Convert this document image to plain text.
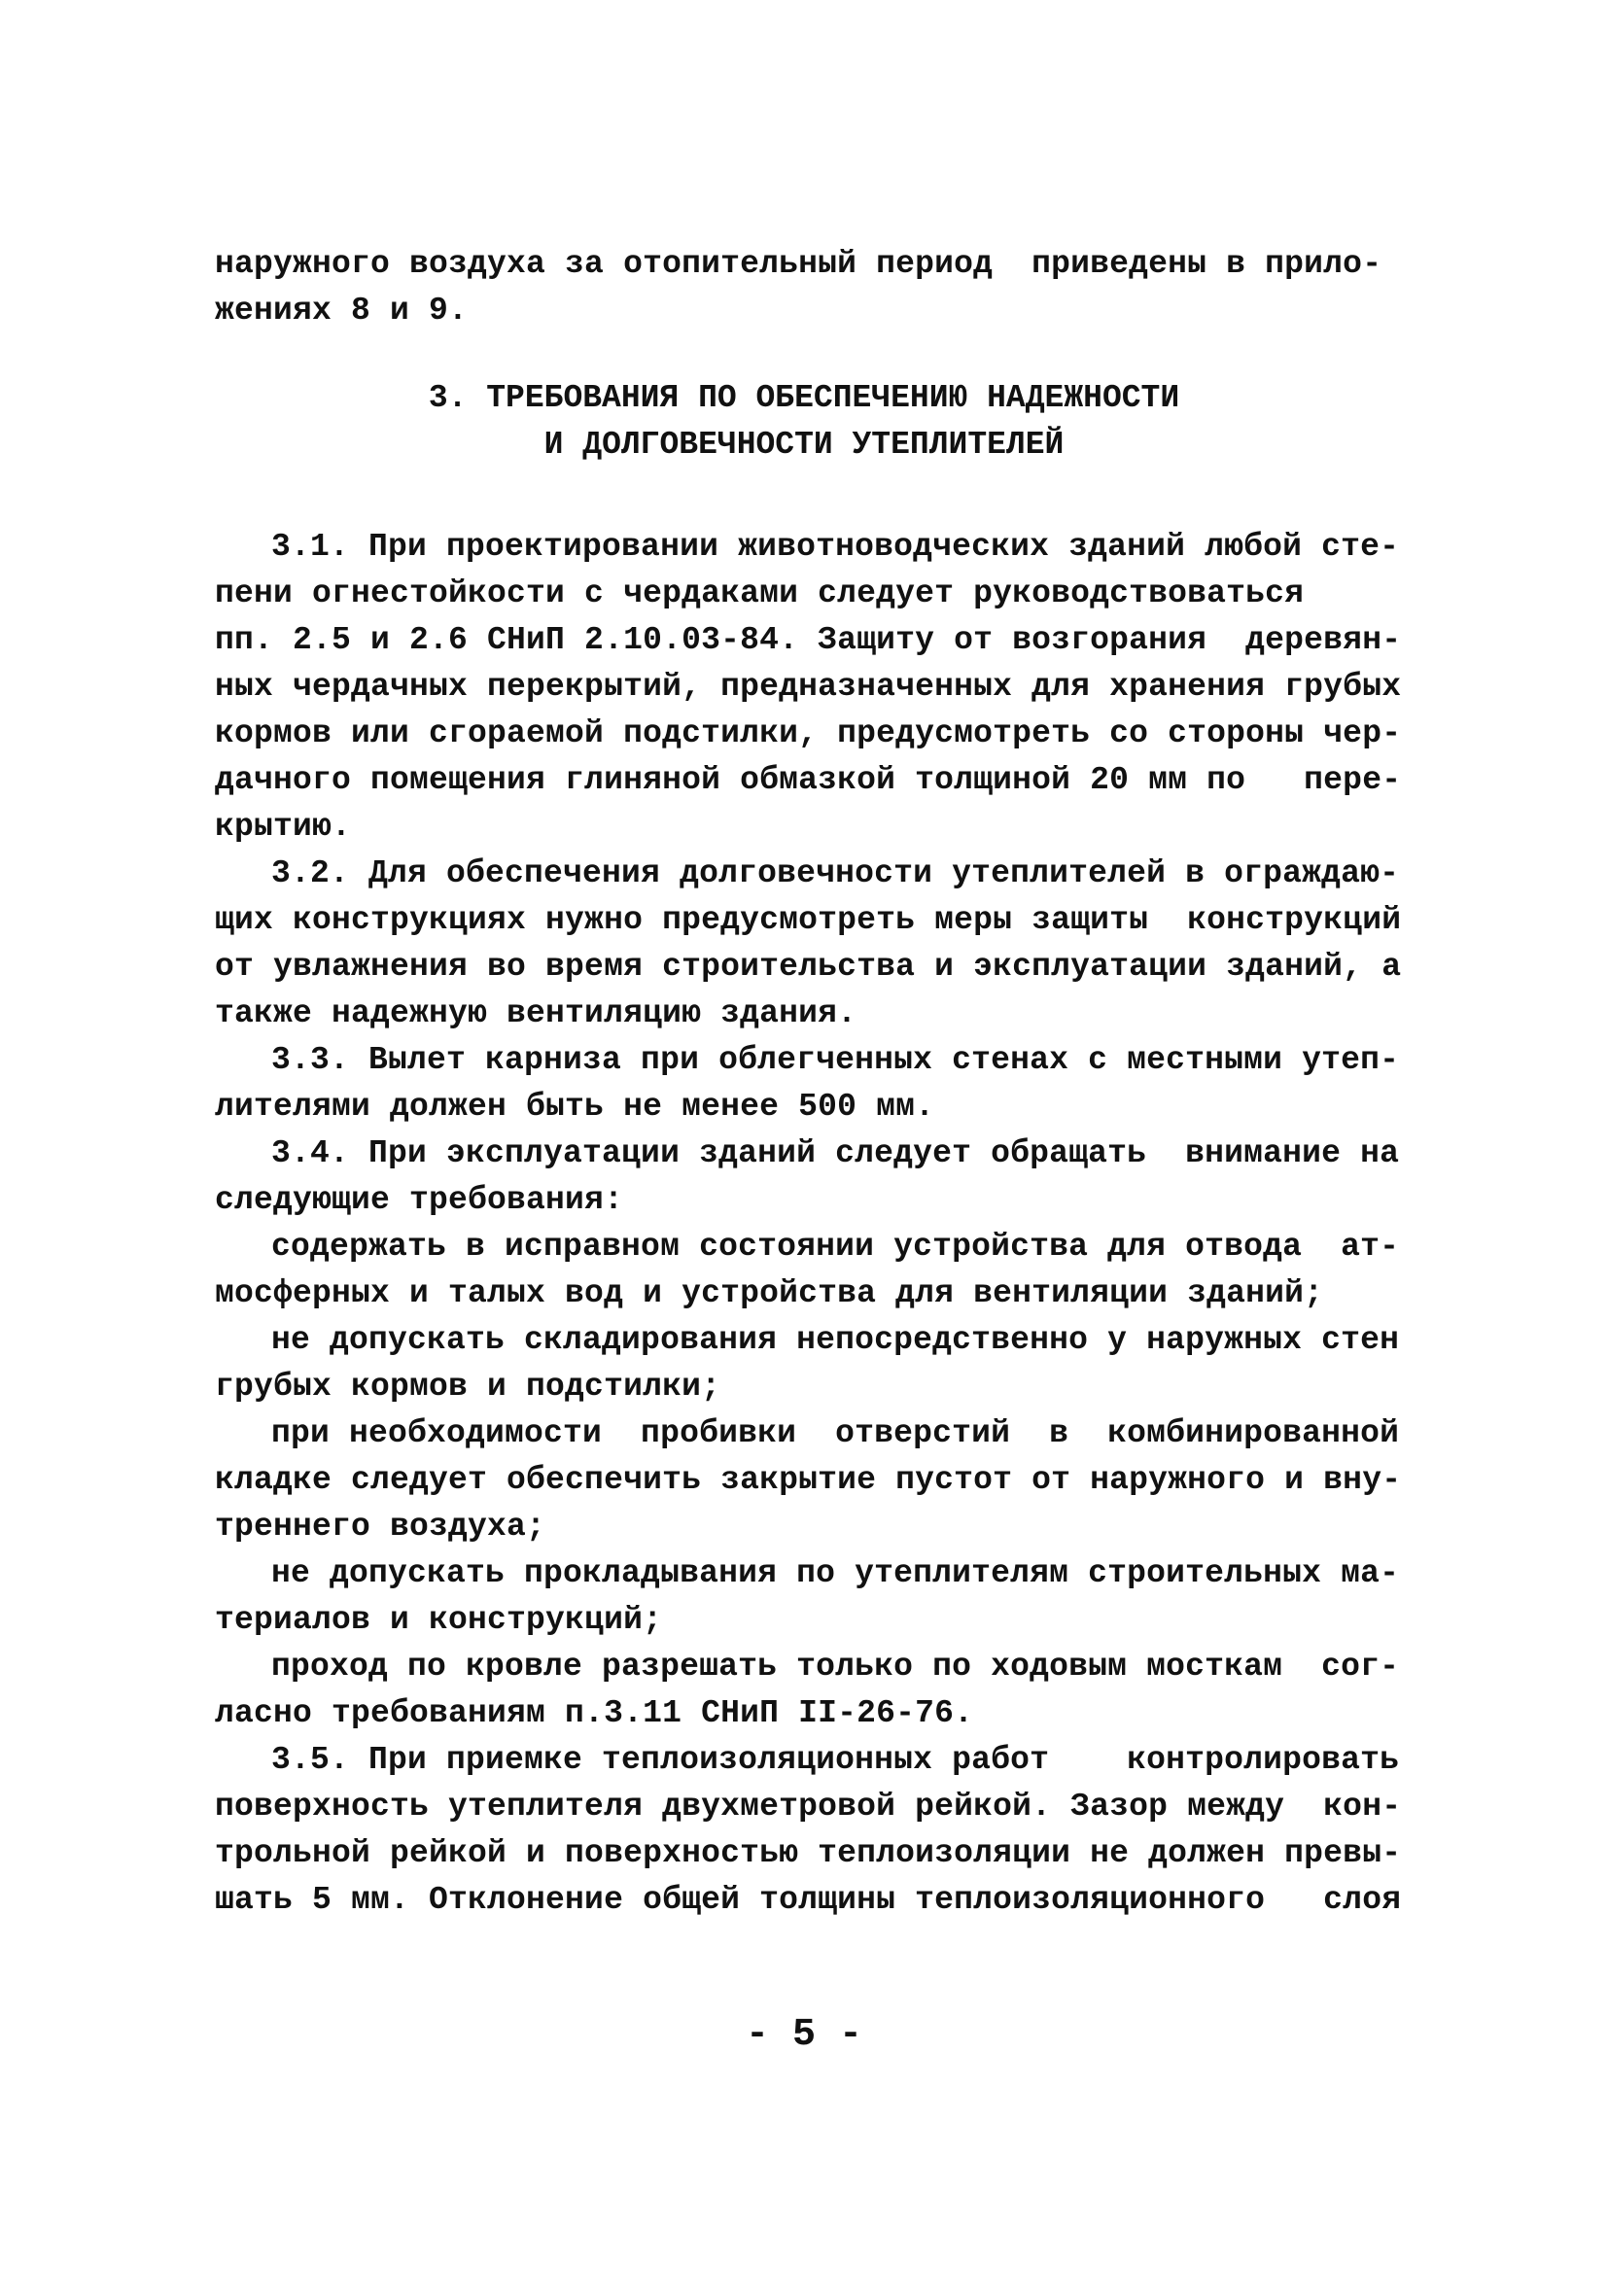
наружного воздуха за отопительный период  приведены в прило-
жениях 8 и 9.
3. ТРЕБОВАНИЯ ПО ОБЕСПЕЧЕНИЮ НАДЕЖНОСТИ
И ДОЛГОВЕЧНОСТИ УТЕПЛИТЕЛЕЙ
3.1. При проектировании животноводческих зданий любой сте-
пени огнестойкости с чердаками следует руководствоваться
пп. 2.5 и 2.6 СНиП 2.10.03-84. Защиту от возгорания  деревян-
ных чердачных перекрытий, предназначенных для хранения грубых
кормов или сгораемой подстилки, предусмотреть со стороны чер-
дачного помещения глиняной обмазкой толщиной 20 мм по   пере-
крытию.
3.2. Для обеспечения долговечности утеплителей в ограждаю-
щих конструкциях нужно предусмотреть меры защиты  конструкций
от увлажнения во время строительства и эксплуатации зданий, а
также надежную вентиляцию здания.
3.3. Вылет карниза при облегченных стенах с местными утеп-
лителями должен быть не менее 500 мм.
3.4. При эксплуатации зданий следует обращать  внимание на
следующие требования:
содержать в исправном состоянии устройства для отвода  ат-
мосферных и талых вод и устройства для вентиляции зданий;
не допускать складирования непосредственно у наружных стен
грубых кормов и подстилки;
при необходимости  пробивки  отверстий  в  комбинированной
кладке следует обеспечить закрытие пустот от наружного и вну-
треннего воздуха;
не допускать прокладывания по утеплителям строительных ма-
териалов и конструкций;
проход по кровле разрешать только по ходовым мосткам  сог-
ласно требованиям п.3.11 СНиП II-26-76.
3.5. При приемке теплоизоляционных работ    контролировать
поверхность утеплителя двухметровой рейкой. Зазор между  кон-
трольной рейкой и поверхностью теплоизоляции не должен превы-
шать 5 мм. Отклонение общей толщины теплоизоляционного   слоя
- 5 -
